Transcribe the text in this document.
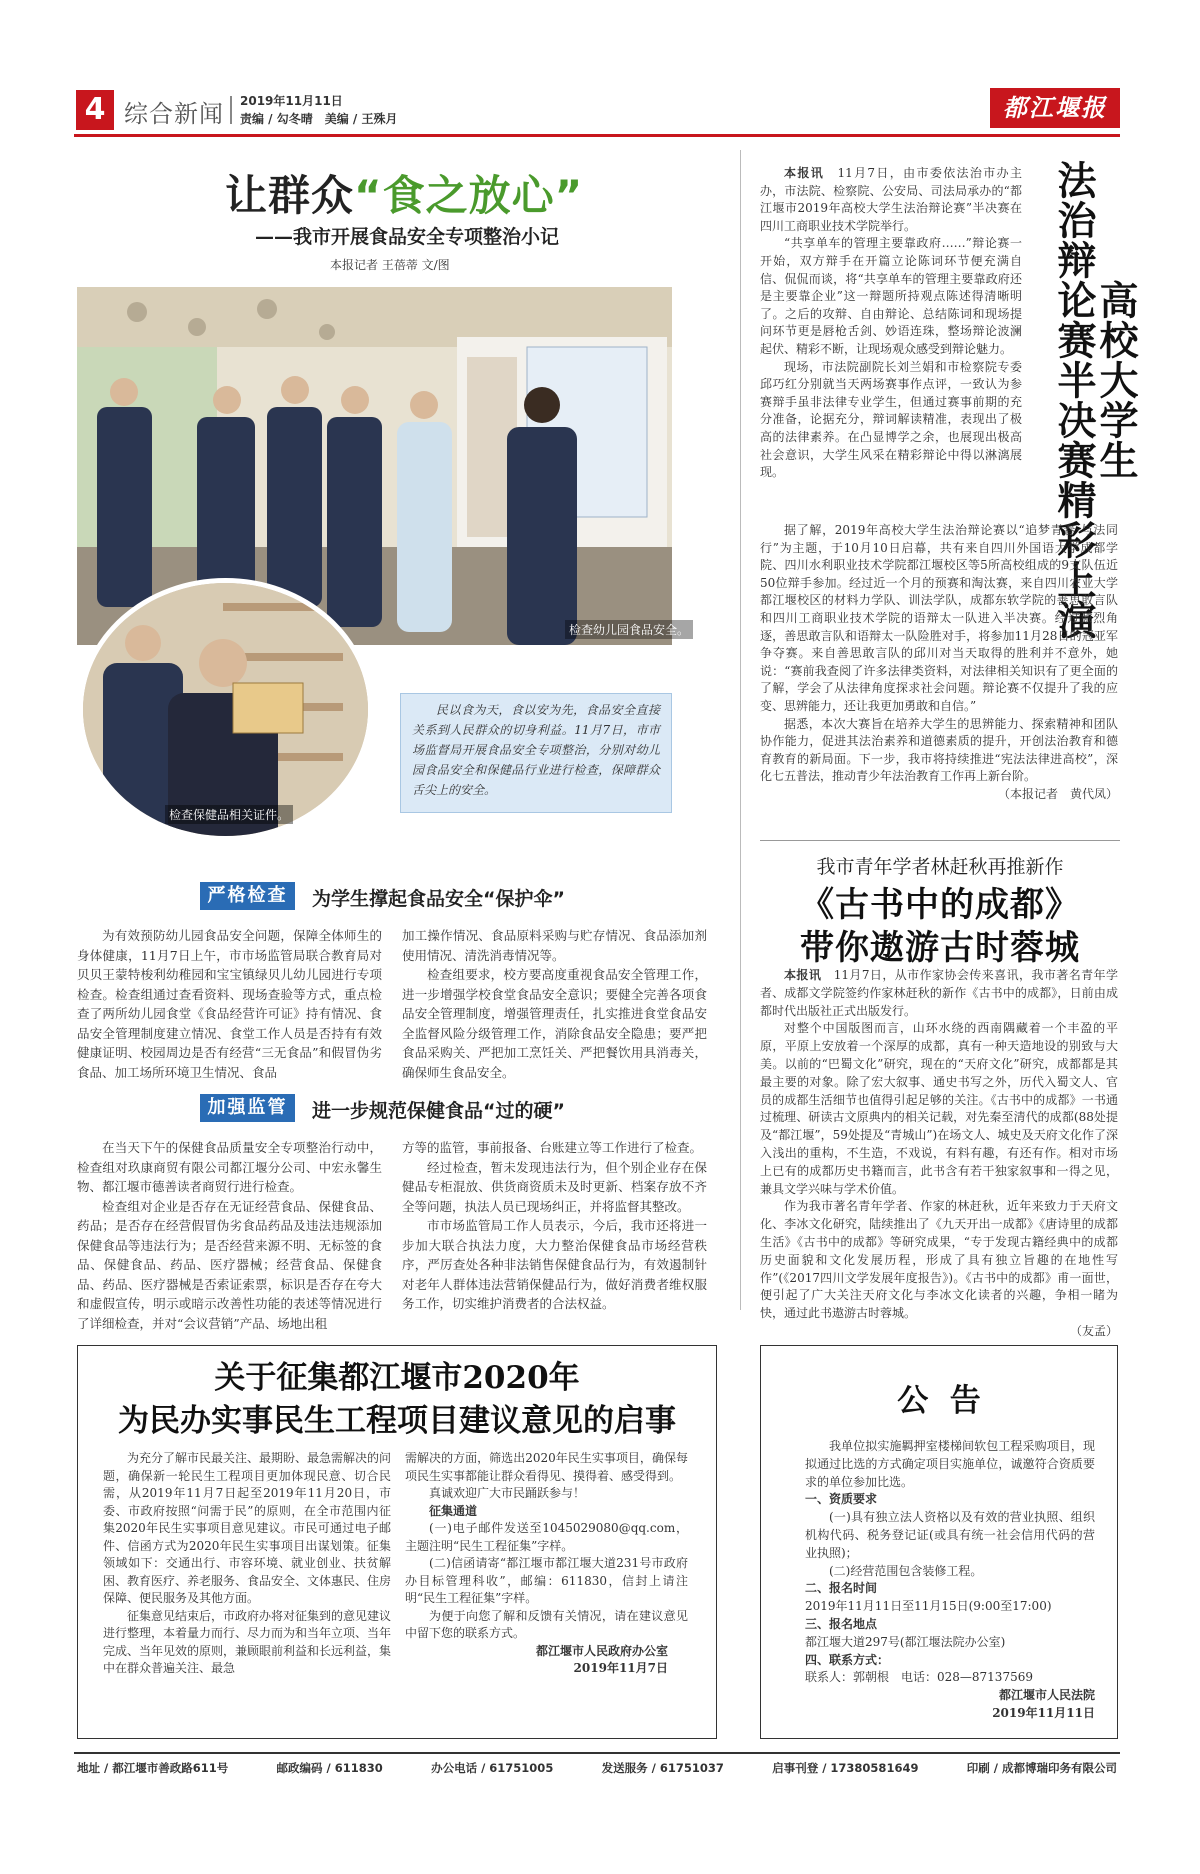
4 综合新闻 2019年11月11日
责编 / 勾冬晴　美编 / 王殊月	都江堰报
让群众“食之放心”
——我市开展食品安全专项整治小记
本报记者 王蓓蒂 文/图
检查幼儿园食品安全。
检查保健品相关证件。
民以食为天，食以安为先，食品安全直接关系到人民群众的切身利益。11月7日，市市场监督局开展食品安全专项整治，分别对幼儿园食品安全和保健品行业进行检查，保障群众舌尖上的安全。
严格检查	为学生撑起食品安全“保护伞”

为有效预防幼儿园食品安全问题，保障全体师生的身体健康，11月7日上午，市市场监管局联合教育局对贝贝王蒙特梭利幼稚园和宝宝镇绿贝儿幼儿园进行专项检查。检查组通过查看资料、现场查验等方式，重点检查了两所幼儿园食堂《食品经营许可证》持有情况、食品安全管理制度建立情况、食堂工作人员是否持有有效健康证明、校园周边是否有经营“三无食品”和假冒伪劣食品、加工场所环境卫生情况、食品

加工操作情况、食品原料采购与贮存情况、食品添加剂使用情况、清洗消毒情况等。

检查组要求，校方要高度重视食品安全管理工作，进一步增强学校食堂食品安全意识；要健全完善各项食品安全管理制度，增强管理责任，扎实推进食堂食品安全监督风险分级管理工作，消除食品安全隐患；要严把食品采购关、严把加工烹饪关、严把餐饮用具消毒关，确保师生食品安全。

加强监管	进一步规范保健食品“过的硬”

在当天下午的保健食品质量安全专项整治行动中，检查组对玖康商贸有限公司都江堰分公司、中宏永馨生物、都江堰市德善读者商贸行进行检查。

检查组对企业是否存在无证经营食品、保健食品、药品；是否存在经营假冒伪劣食品药品及违法违规添加保健食品等违法行为；是否经营来源不明、无标签的食品、保健食品、药品、医疗器械；经营食品、保健食品、药品、医疗器械是否索证索票，标识是否存在夸大和虚假宣传，明示或暗示改善性功能的表述等情况进行了详细检查，并对“会议营销”产品、场地出租

方等的监管，事前报备、台账建立等工作进行了检查。

经过检查，暂未发现违法行为，但个别企业存在保健品专柜混放、供货商资质未及时更新、档案存放不齐全等问题，执法人员已现场纠正，并将监督其整改。

市市场监管局工作人员表示，今后，我市还将进一步加大联合执法力度，大力整治保健食品市场经营秩序，严厉查处各种非法销售保健食品行为，有效遏制针对老年人群体违法营销保健品行为，做好消费者维权服务工作，切实维护消费者的合法权益。

法治辩论赛半决赛精彩上演
高校大学生

本报讯　 11月7日，由市委依法治市办主办，市法院、检察院、公安局、司法局承办的“都江堰市2019年高校大学生法治辩论赛”半决赛在四川工商职业技术学院举行。

“共享单车的管理主要靠政府……”辩论赛一开始，双方辩手在开篇立论陈词环节便充满自信、侃侃而谈，将“共享单车的管理主要靠政府还是主要靠企业”这一辩题所持观点陈述得清晰明了。之后的攻辩、自由辩论、总结陈词和现场提问环节更是唇枪舌剑、妙语连珠，整场辩论波澜起伏、精彩不断，让现场观众感受到辩论魅力。

现场，市法院副院长刘兰娟和市检察院专委邱巧红分别就当天两场赛事作点评，一致认为参赛辩手虽非法律专业学生，但通过赛事前期的充分准备，论据充分，辩词解读精准，表现出了极高的法律素养。在凸显博学之余，也展现出极高社会意识，大学生风采在精彩辩论中得以淋漓展现。

据了解，2019年高校大学生法治辩论赛以“追梦青春·与法同行”为主题，于10月10日启幕，共有来自四川外国语大学成都学院、四川水利职业技术学院都江堰校区等5所高校组成的9支队伍近50位辩手参加。经过近一个月的预赛和淘汰赛，来自四川农业大学都江堰校区的材料力学队、训法学队，成都东软学院的善思敢言队和四川工商职业技术学院的语辩太一队进入半决赛。经过激烈角逐，善思敢言队和语辩太一队险胜对手，将参加11月28日的冠亚军争夺赛。来自善思敢言队的邱川对当天取得的胜利并不意外，她说：“赛前我查阅了许多法律类资料，对法律相关知识有了更全面的了解，学会了从法律角度探求社会问题。辩论赛不仅提升了我的应变、思辨能力，还让我更加勇敢和自信。”

据悉，本次大赛旨在培养大学生的思辨能力、探索精神和团队协作能力，促进其法治素养和道德素质的提升，开创法治教育和德育教育的新局面。下一步，我市将持续推进“宪法法律进高校”，深化七五普法，推动青少年法治教育工作再上新台阶。

（本报记者　黄代凤）

我市青年学者林赶秋再推新作
《古书中的成都》
带你遨游古时蓉城

本报讯　 11月7日，从市作家协会传来喜讯，我市著名青年学者、成都文学院签约作家林赶秋的新作《古书中的成都》，日前由成都时代出版社正式出版发行。

对整个中国版图而言，山环水绕的西南隅藏着一个丰盈的平原，平原上安放着一个深厚的成都，真有一种天造地设的别致与大美。以前的“巴蜀文化”研究，现在的“天府文化”研究，成都都是其最主要的对象。除了宏大叙事、通史书写之外，历代入蜀文人、官员的成都生活细节也值得引起足够的关注。《古书中的成都》一书通过梳理、研读古文原典内的相关记载，对先秦至清代的成都(88处提及“都江堰”，59处提及“青城山”)在场文人、城史及天府文化作了深入浅出的重构，不生造，不戏说，有料有趣，有还有作。相对市场上已有的成都历史书籍而言，此书含有若干独家叙事和一得之见，兼具文学兴味与学术价值。

作为我市著名青年学者、作家的林赶秋，近年来致力于天府文化、李冰文化研究，陆续推出了《九天开出一成都》《唐诗里的成都生活》《古书中的成都》等研究成果，“专于发现古籍经典中的成都历史面貌和文化发展历程，形成了具有独立旨趣的在地性写作”(《2017四川文学发展年度报告》)。《古书中的成都》甫一面世，便引起了广大关注天府文化与李冰文化读者的兴趣，争相一睹为快，通过此书遨游古时蓉城。

（友孟）

关于征集都江堰市2020年
为民办实事民生工程项目建议意见的启事

为充分了解市民最关注、最期盼、最急需解决的问题，确保新一轮民生工程项目更加体现民意、切合民需，从2019年11月7日起至2019年11月20日，市委、市政府按照“问需于民”的原则，在全市范围内征集2020年民生实事项目意见建议。市民可通过电子邮件、信函方式为2020年民生实事项目出谋划策。征集领域如下：交通出行、市容环境、就业创业、扶贫解困、教育医疗、养老服务、食品安全、文体惠民、住房保障、便民服务及其他方面。

征集意见结束后，市政府办将对征集到的意见建议进行整理，本着量力而行、尽力而为和当年立项、当年完成、当年见效的原则，兼顾眼前利益和长远利益，集中在群众普遍关注、最急

需解决的方面，筛选出2020年民生实事项目，确保每项民生实事都能让群众看得见、摸得着、感受得到。

真诚欢迎广大市民踊跃参与！

征集通道

(一)电子邮件发送至1045029080@qq.com，主题注明“民生工程征集”字样。

(二)信函请寄“都江堰市都江堰大道231号市政府办目标管理科收”，邮编：611830，信封上请注明“民生工程征集”字样。

为便于向您了解和反馈有关情况，请在建议意见中留下您的联系方式。

都江堰市人民政府办公室

2019年11月7日

公  告

我单位拟实施羁押室楼梯间软包工程采购项目，现拟通过比选的方式确定项目实施单位，诚邀符合资质要求的单位参加比选。

一、资质要求

(一)具有独立法人资格以及有效的营业执照、组织机构代码、税务登记证(或具有统一社会信用代码的营业执照)；

(二)经营范围包含装修工程。

二、报名时间

2019年11月11日至11月15日(9:00至17:00)

三、报名地点

都江堰大道297号(都江堰法院办公室)

四、联系方式：

联系人：郭朝根　电话：028—87137569

都江堰市人民法院

2019年11月11日

地址 / 都江堰市善政路611号	邮政编码 / 611830	办公电话 / 61751005	发送服务 / 61751037	启事刊登 / 17380581649	印刷 / 成都博瑞印务有限公司
